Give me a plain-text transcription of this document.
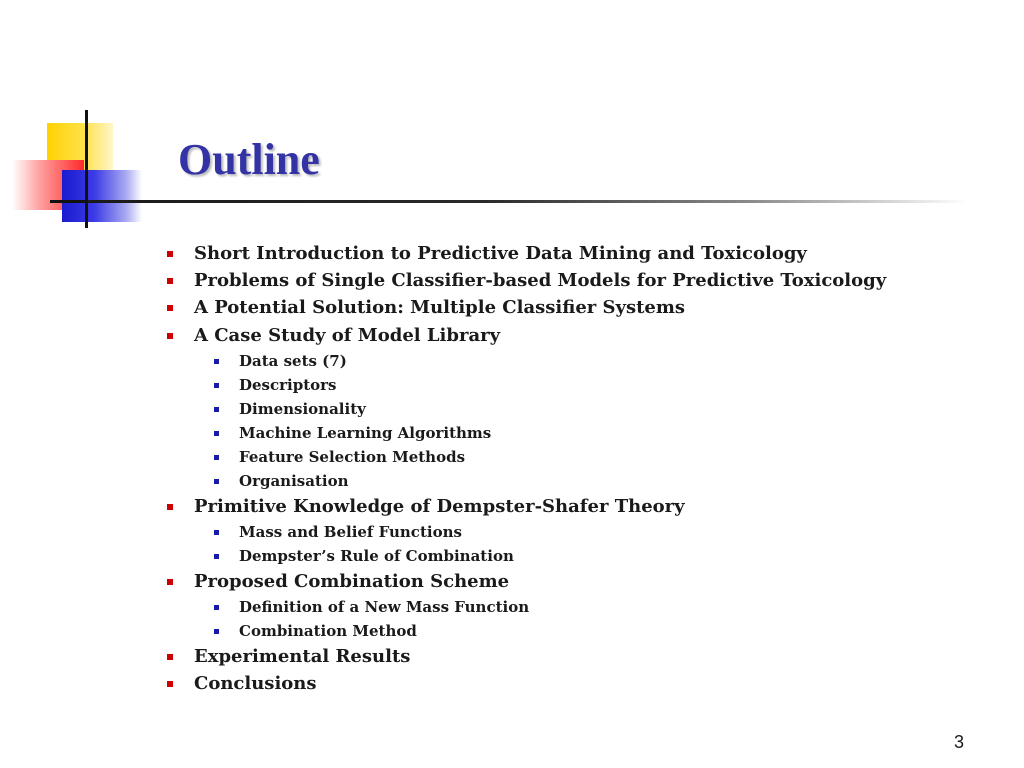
Outline
Short Introduction to Predictive Data Mining and Toxicology
Problems of Single Classifier-based Models for Predictive Toxicology
A Potential Solution: Multiple Classifier Systems
A Case Study of Model Library
Data sets (7)
Descriptors
Dimensionality
Machine Learning Algorithms
Feature Selection Methods
Organisation
Primitive Knowledge of Dempster-Shafer Theory
Mass and Belief Functions
Dempster’s Rule of Combination
Proposed Combination Scheme
Definition of a New Mass Function
Combination Method
Experimental Results
Conclusions
3
